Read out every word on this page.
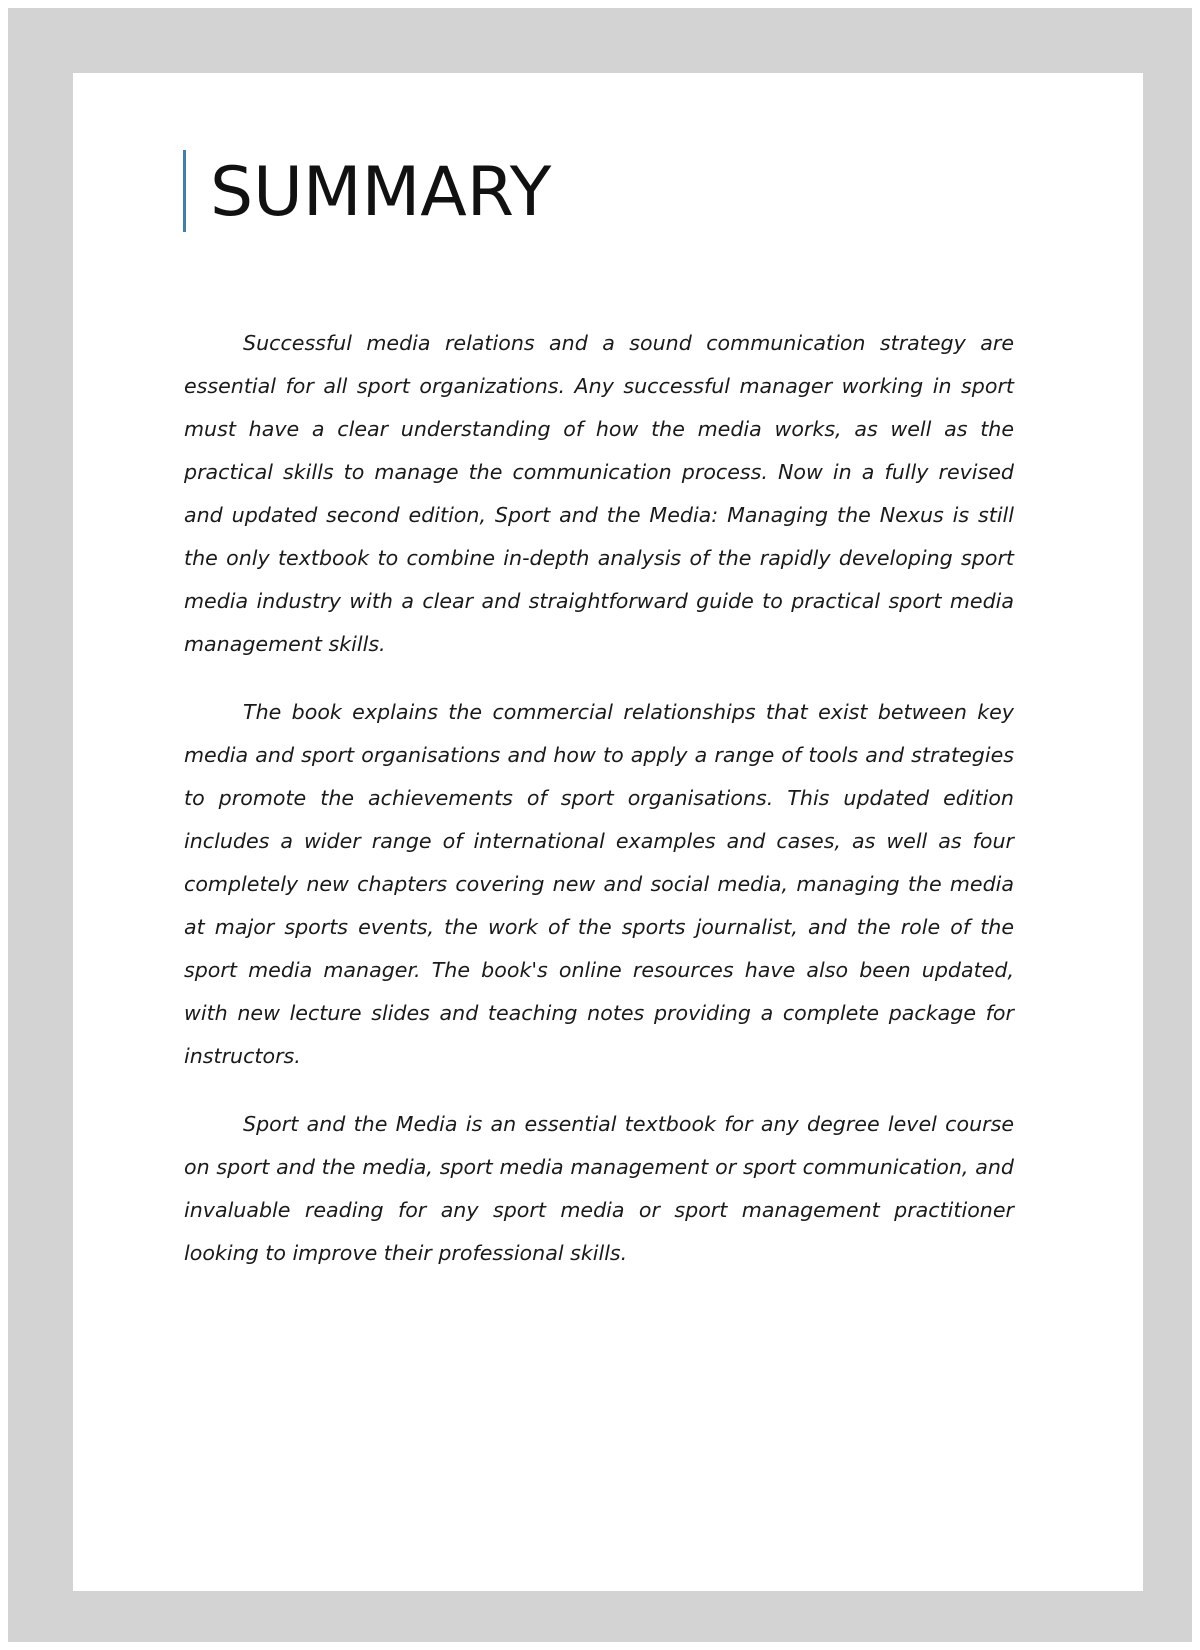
SUMMARY

Successful media relations and a sound communication strategy are essential for all sport organizations. Any successful manager working in sport must have a clear understanding of how the media works, as well as the practical skills to manage the communication process. Now in a fully revised and updated second edition, Sport and the Media: Managing the Nexus is still the only textbook to combine in-depth analysis of the rapidly developing sport media industry with a clear and straightforward guide to practical sport media management skills.

The book explains the commercial relationships that exist between key media and sport organisations and how to apply a range of tools and strategies to promote the achievements of sport organisations. This updated edition includes a wider range of international examples and cases, as well as four completely new chapters covering new and social media, managing the media at major sports events, the work of the sports journalist, and the role of the sport media manager. The book's online resources have also been updated, with new lecture slides and teaching notes providing a complete package for instructors.

Sport and the Media is an essential textbook for any degree level course on sport and the media, sport media management or sport communication, and invaluable reading for any sport media or sport management practitioner looking to improve their professional skills.
